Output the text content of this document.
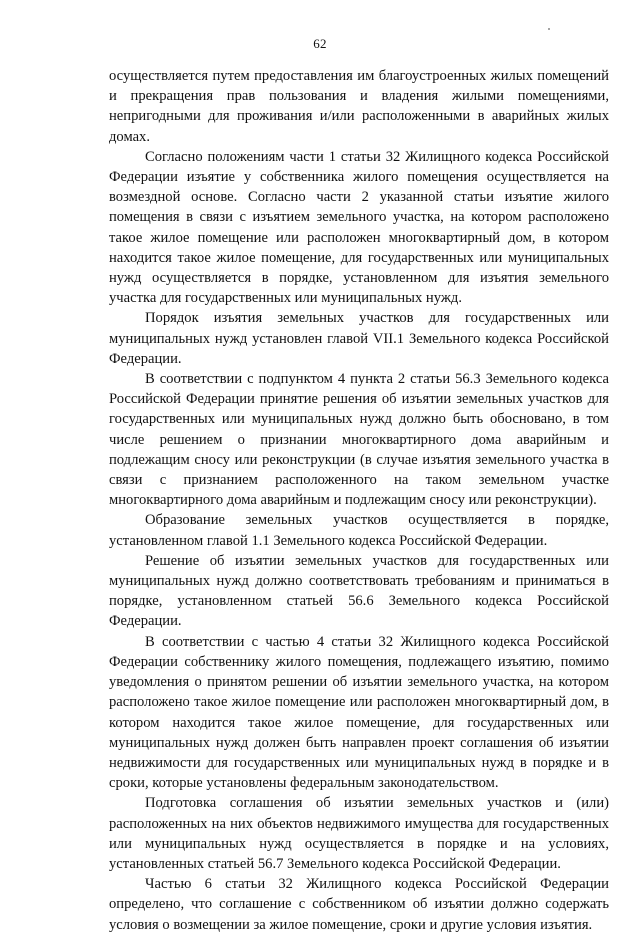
62

осуществляется путем предоставления им благоустроенных жилых помещений и прекращения прав пользования и владения жилыми помещениями, непригодными для проживания и/или расположенными в аварийных жилых домах.

Согласно положениям части 1 статьи 32 Жилищного кодекса Российской Федерации изъятие у собственника жилого помещения осуществляется на возмездной основе. Согласно части 2 указанной статьи изъятие жилого помещения в связи с изъятием земельного участка, на котором расположено такое жилое помещение или расположен многоквартирный дом, в котором находится такое жилое помещение, для государственных или муниципальных нужд осуществляется в порядке, установленном для изъятия земельного участка для государственных или муниципальных нужд.

Порядок изъятия земельных участков для государственных или муниципальных нужд установлен главой VII.1 Земельного кодекса Российской Федерации.

В соответствии с подпунктом 4 пункта 2 статьи 56.3 Земельного кодекса Российской Федерации принятие решения об изъятии земельных участков для государственных или муниципальных нужд должно быть обосновано, в том числе решением о признании многоквартирного дома аварийным и подлежащим сносу или реконструкции (в случае изъятия земельного участка в связи с признанием расположенного на таком земельном участке многоквартирного дома аварийным и подлежащим сносу или реконструкции).

Образование земельных участков осуществляется в порядке, установленном главой 1.1 Земельного кодекса Российской Федерации.

Решение об изъятии земельных участков для государственных или муниципальных нужд должно соответствовать требованиям и приниматься в порядке, установленном статьей 56.6 Земельного кодекса Российской Федерации.

В соответствии с частью 4 статьи 32 Жилищного кодекса Российской Федерации собственнику жилого помещения, подлежащего изъятию, помимо уведомления о принятом решении об изъятии земельного участка, на котором расположено такое жилое помещение или расположен многоквартирный дом, в котором находится такое жилое помещение, для государственных или муниципальных нужд должен быть направлен проект соглашения об изъятии недвижимости для государственных или муниципальных нужд в порядке и в сроки, которые установлены федеральным законодательством.

Подготовка соглашения об изъятии земельных участков и (или) расположенных на них объектов недвижимого имущества для государственных или муниципальных нужд осуществляется в порядке и на условиях, установленных статьей 56.7 Земельного кодекса Российской Федерации.

Частью 6 статьи 32 Жилищного кодекса Российской Федерации определено, что соглашение с собственником об изъятии должно содержать условия о возмещении за жилое помещение, сроки и другие условия изъятия.
